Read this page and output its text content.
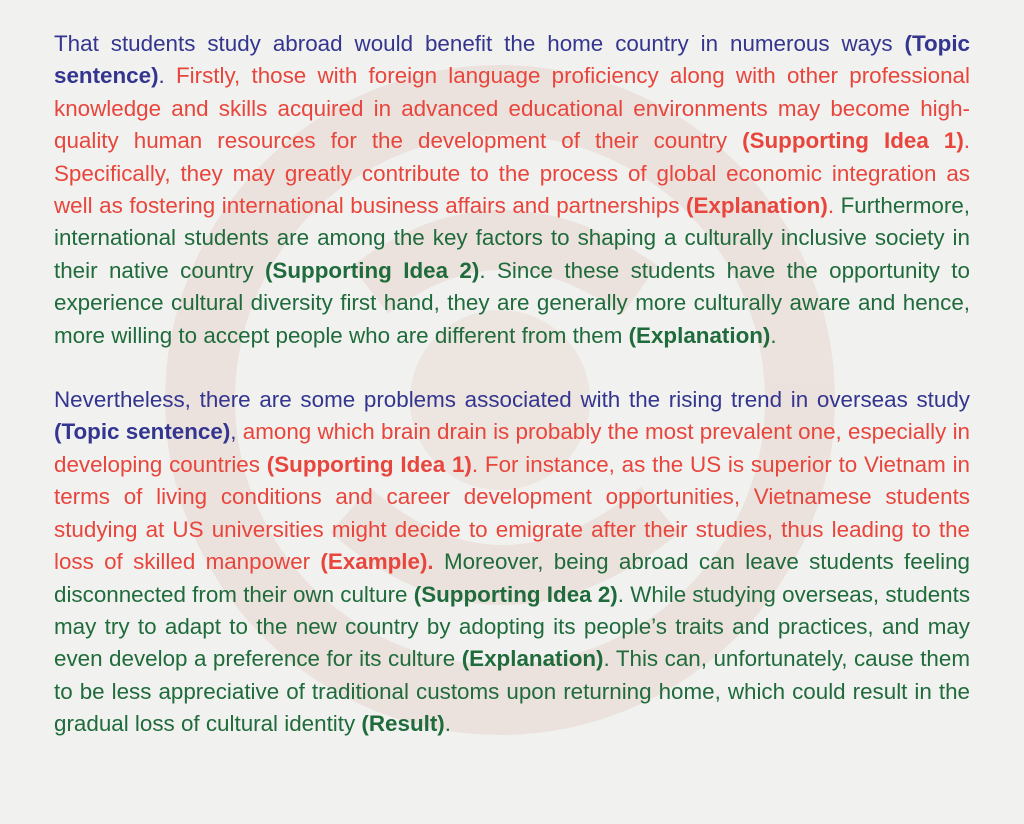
That students study abroad would benefit the home country in numerous ways (Topic sentence). Firstly, those with foreign language proficiency along with other professional knowledge and skills acquired in advanced educational environments may become high-quality human resources for the development of their country (Supporting Idea 1). Specifically, they may greatly contribute to the process of global economic integration as well as fostering international business affairs and partnerships (Explanation). Furthermore, international students are among the key factors to shaping a culturally inclusive society in their native country (Supporting Idea 2). Since these students have the opportunity to experience cultural diversity first hand, they are generally more culturally aware and hence, more willing to accept people who are different from them (Explanation).

Nevertheless, there are some problems associated with the rising trend in overseas study (Topic sentence), among which brain drain is probably the most prevalent one, especially in developing countries (Supporting Idea 1). For instance, as the US is superior to Vietnam in terms of living conditions and career development opportunities, Vietnamese students studying at US universities might decide to emigrate after their studies, thus leading to the loss of skilled manpower (Example). Moreover, being abroad can leave students feeling disconnected from their own culture (Supporting Idea 2). While studying overseas, students may try to adapt to the new country by adopting its people’s traits and practices, and may even develop a preference for its culture (Explanation). This can, unfortunately, cause them to be less appreciative of traditional customs upon returning home, which could result in the gradual loss of cultural identity (Result).
